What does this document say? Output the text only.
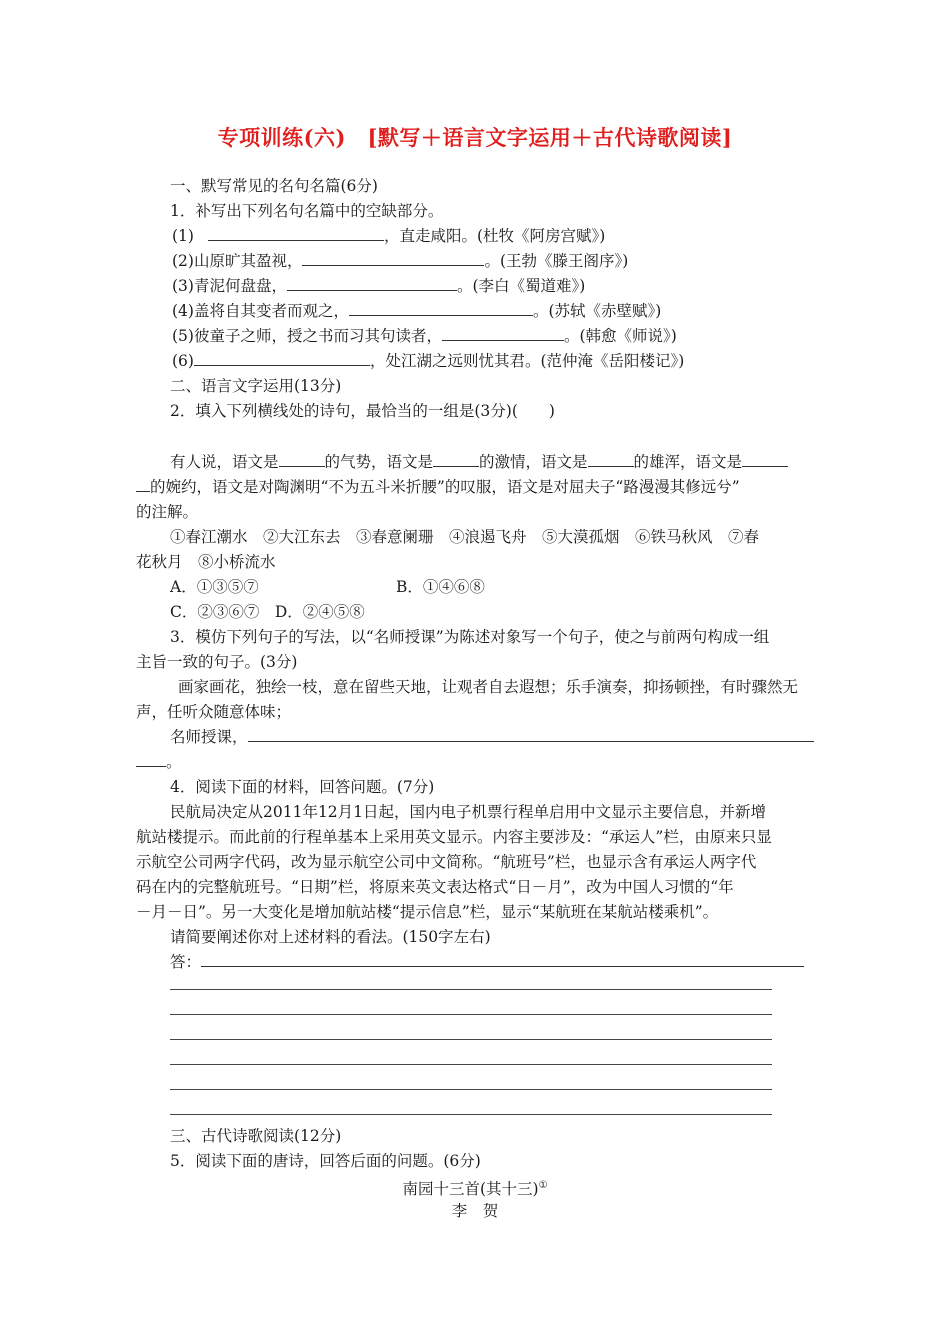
专项训练(六)　[默写＋语言文字运用＋古代诗歌阅读]
一、默写常见的名句名篇(6分)
1．补写出下列名句名篇中的空缺部分。
(1)	，直走咸阳。(杜牧《阿房宫赋》)
(2)山原旷其盈视，	。(王勃《滕王阁序》)
(3)青泥何盘盘，	。(李白《蜀道难》)
(4)盖将自其变者而观之，	。(苏轼《赤壁赋》)
(5)彼童子之师，授之书而习其句读者，	。(韩愈《师说》)
(6)	，处江湖之远则忧其君。(范仲淹《岳阳楼记》)
二、语言文字运用(13分)
2．填入下列横线处的诗句，最恰当的一组是(3分)(　　)
有人说，语文是	的气势，语文是	的激情，语文是	的雄浑，语文是
的婉约，语文是对陶渊明“不为五斗米折腰”的叹服，语文是对屈夫子“路漫漫其修远兮”
的注解。
①春江潮水　②大江东去　③春意阑珊　④浪遏飞舟　⑤大漠孤烟　⑥铁马秋风　⑦春
花秋月　⑧小桥流水
A．①③⑤⑦	B．①④⑥⑧
C．②③⑥⑦　D．②④⑤⑧
3．模仿下列句子的写法，以“名师授课”为陈述对象写一个句子，使之与前两句构成一组
主旨一致的句子。(3分)
画家画花，独绘一枝，意在留些天地，让观者自去遐想；乐手演奏，抑扬顿挫，有时骤然无
声，任听众随意体味；
名师授课，
。
4．阅读下面的材料，回答问题。(7分)
民航局决定从2011年12月1日起，国内电子机票行程单启用中文显示主要信息，并新增
航站楼提示。而此前的行程单基本上采用英文显示。内容主要涉及：“承运人”栏，由原来只显
示航空公司两字代码，改为显示航空公司中文简称。“航班号”栏，也显示含有承运人两字代
码在内的完整航班号。“日期”栏，将原来英文表达格式“日－月”，改为中国人习惯的“年
－月－日”。另一大变化是增加航站楼“提示信息”栏，显示“某航班在某航站楼乘机”。
请简要阐述你对上述材料的看法。(150字左右)
答：
三、古代诗歌阅读(12分)
5．阅读下面的唐诗，回答后面的问题。(6分)
南园十三首(其十三)①
李　贺
